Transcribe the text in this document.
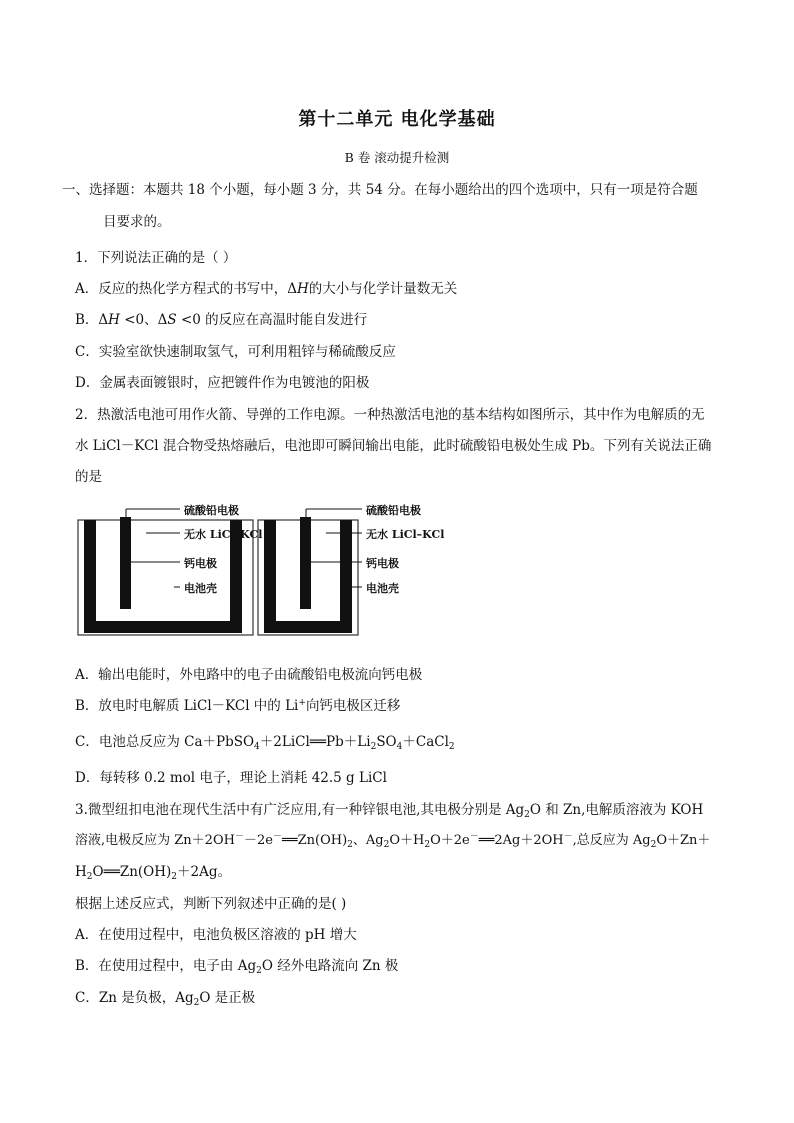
第十二单元 电化学基础
B 卷 滚动提升检测
一、选择题：本题共 18 个小题，每小题 3 分，共 54 分。在每小题给出的四个选项中，只有一项是符合题
目要求的。
1．下列说法正确的是（ ）
A．反应的热化学方程式的书写中，ΔH的大小与化学计量数无关
B．ΔH <0、ΔS <0 的反应在高温时能自发进行
C．实验室欲快速制取氢气，可利用粗锌与稀硫酸反应
D．金属表面镀银时，应把镀件作为电镀池的阳极
2．热激活电池可用作火箭、导弹的工作电源。一种热激活电池的基本结构如图所示，其中作为电解质的无
水 LiCl－KCl 混合物受热熔融后，电池即可瞬间输出电能，此时硫酸铅电极处生成 Pb。下列有关说法正确
的是
硫酸铅电极
无水 LiCl–KCl
钙电极
电池壳
硫酸铅电极
无水 LiCl–KCl
钙电极
电池壳
A．输出电能时，外电路中的电子由硫酸铅电极流向钙电极
B．放电时电解质 LiCl－KCl 中的 Li+向钙电极区迁移
C．电池总反应为 $Ca+PbSO_4+2LiCl══Pb+Li_2SO_4+CaCl_2$
D．每转移 0.2 mol 电子，理论上消耗 42.5 g LiCl
3.微型纽扣电池在现代生活中有广泛应用,有一种锌银电池,其电极分别是 $Ag_2O$ 和 Zn,电解质溶液为 KOH
溶液,电极反应为 $Zn+2OH^--2e^-══Zn(OH)_2$、$Ag_2O+H_2O+2e^-══2Ag+2OH^-$,总反应为 $Ag_2O+Zn+$
$H_2O══Zn(OH)_2+2Ag$。
根据上述反应式，判断下列叙述中正确的是( )
A．在使用过程中，电池负极区溶液的 pH 增大
B．在使用过程中，电子由 $Ag_2O$ 经外电路流向 Zn 极
C．Zn 是负极，$Ag_2O$ 是正极
